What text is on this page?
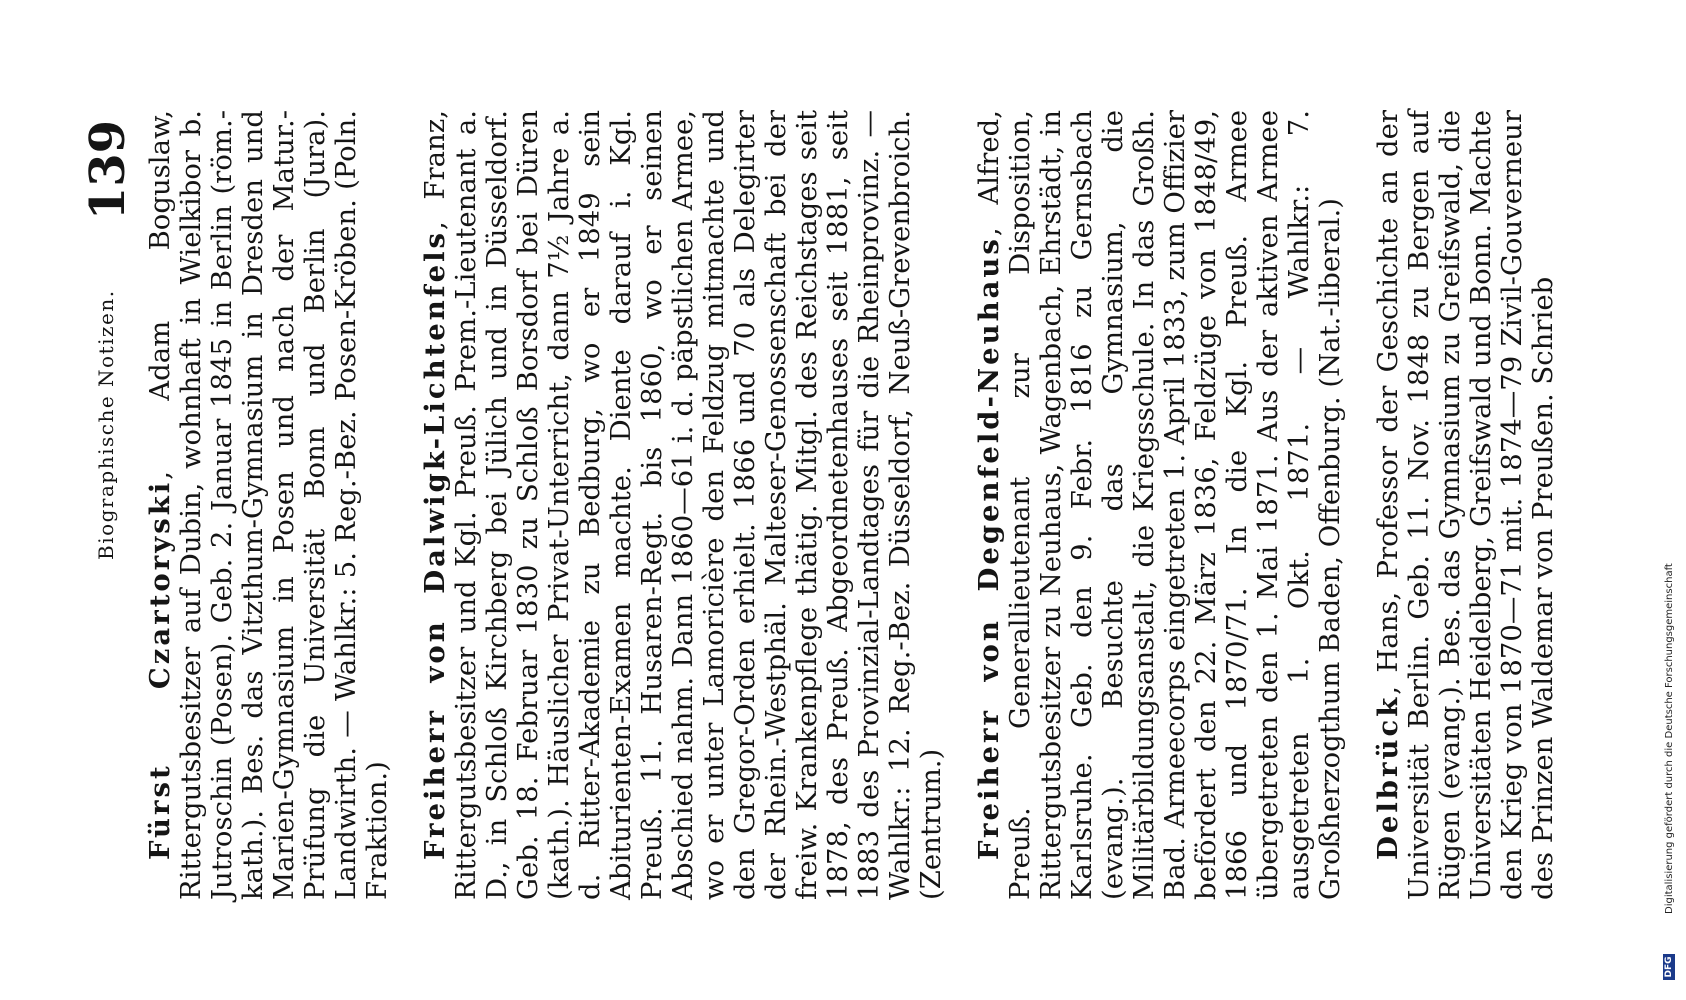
Biographische Notizen.
139

Fürst Czartoryski, Adam Boguslaw, Rittergutsbesitzer auf Dubin, wohnhaft in Wielkibor b. Jutroschin (Posen). Geb. 2. Januar 1845 in Berlin (röm.-kath.). Bes. das Vitzthum-Gymnasium in Dresden und Marien-Gymnasium in Posen und nach der Matur.-Prüfung die Universität Bonn und Berlin (Jura). Landwirth. — Wahlkr.: 5. Reg.-Bez. Posen-Kröben. (Poln. Fraktion.) Freiherr von Dalwigk-Lichtenfels, Franz, Rittergutsbesitzer und Kgl. Preuß. Prem.-Lieutenant a. D., in Schloß Kirchberg bei Jülich und in Düsseldorf. Geb. 18. Februar 1830 zu Schloß Borsdorf bei Düren (kath.). Häuslicher Privat-Unterricht, dann 7½ Jahre a. d. Ritter-Akademie zu Bedburg, wo er 1849 sein Abiturienten-Examen machte. Diente darauf i. Kgl. Preuß. 11. Husaren-Regt. bis 1860, wo er seinen Abschied nahm. Dann 1860—61 i. d. päpstlichen Armee, wo er unter Lamoricière den Feldzug mitmachte und den Gregor-Orden erhielt. 1866 und 70 als Delegirter der Rhein.-Westphäl. Malteser-Genossenschaft bei der freiw. Krankenpflege thätig. Mitgl. des Reichstages seit 1878, des Preuß. Abgeordnetenhauses seit 1881, seit 1883 des Provinzial-Landtages für die Rheinprovinz. — Wahlkr.: 12. Reg.-Bez. Düsseldorf, Neuß-Grevenbroich. (Zentrum.) Freiherr von Degenfeld-Neuhaus, Alfred, Preuß. Generallieutenant zur Disposition, Rittergutsbesitzer zu Neuhaus, Wagenbach, Ehrstädt, in Karlsruhe. Geb. den 9. Febr. 1816 zu Gernsbach (evang.). Besuchte das Gymnasium, die Militärbildungsanstalt, die Kriegsschule. In das Großh. Bad. Armeecorps eingetreten 1. April 1833, zum Offizier befördert den 22. März 1836, Feldzüge von 1848/49, 1866 und 1870/71. In die Kgl. Preuß. Armee übergetreten den 1. Mai 1871. Aus der aktiven Armee ausgetreten 1. Okt. 1871. — Wahlkr.: 7. Großherzogthum Baden, Offenburg. (Nat.-liberal.) Delbrück, Hans, Professor der Geschichte an der Universität Berlin. Geb. 11. Nov. 1848 zu Bergen auf Rügen (evang.). Bes. das Gymnasium zu Greifswald, die Universitäten Heidelberg, Greifswald und Bonn. Machte den Krieg von 1870—71 mit. 1874—79 Zivil-Gouverneur des Prinzen Waldemar von Preußen. Schrieb

DFG
Digitalisierung gefördert durch die Deutsche Forschungsgemeinschaft
